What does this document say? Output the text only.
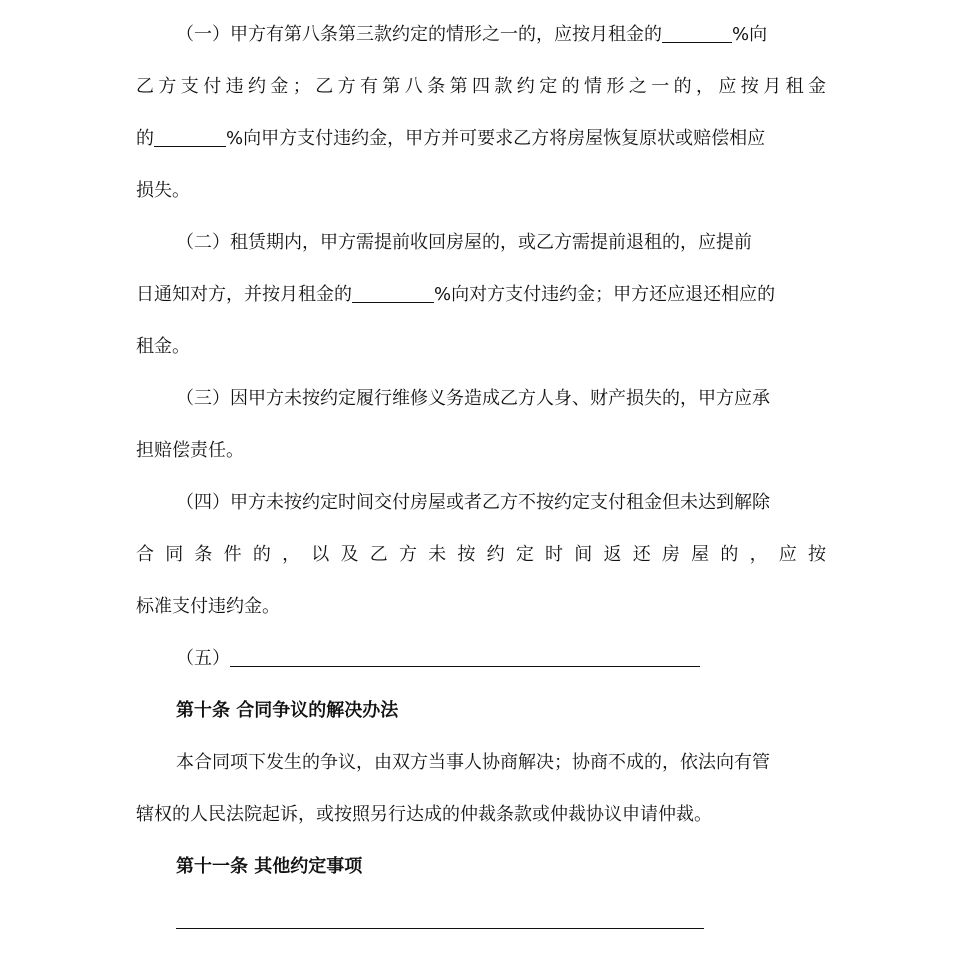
（一）甲方有第八条第三款约定的情形之一的，应按月租金的	%向
乙方支付违约金；乙方有第八条第四款约定的情形之一的，应按月租金
的	%向甲方支付违约金，甲方并可要求乙方将房屋恢复原状或赔偿相应
损失。
（二）租赁期内，甲方需提前收回房屋的，或乙方需提前退租的，应提前
日通知对方，并按月租金的	%向对方支付违约金；甲方还应退还相应的
租金。
（三）因甲方未按约定履行维修义务造成乙方人身、财产损失的，甲方应承
担赔偿责任。
（四）甲方未按约定时间交付房屋或者乙方不按约定支付租金但未达到解除
合同条件的，以及乙方未按约定时间返还房屋的，应按
标准支付违约金。
（五）
第十条 合同争议的解决办法
本合同项下发生的争议，由双方当事人协商解决；协商不成的，依法向有管
辖权的人民法院起诉，或按照另行达成的仲裁条款或仲裁协议申请仲裁。
第十一条 其他约定事项
